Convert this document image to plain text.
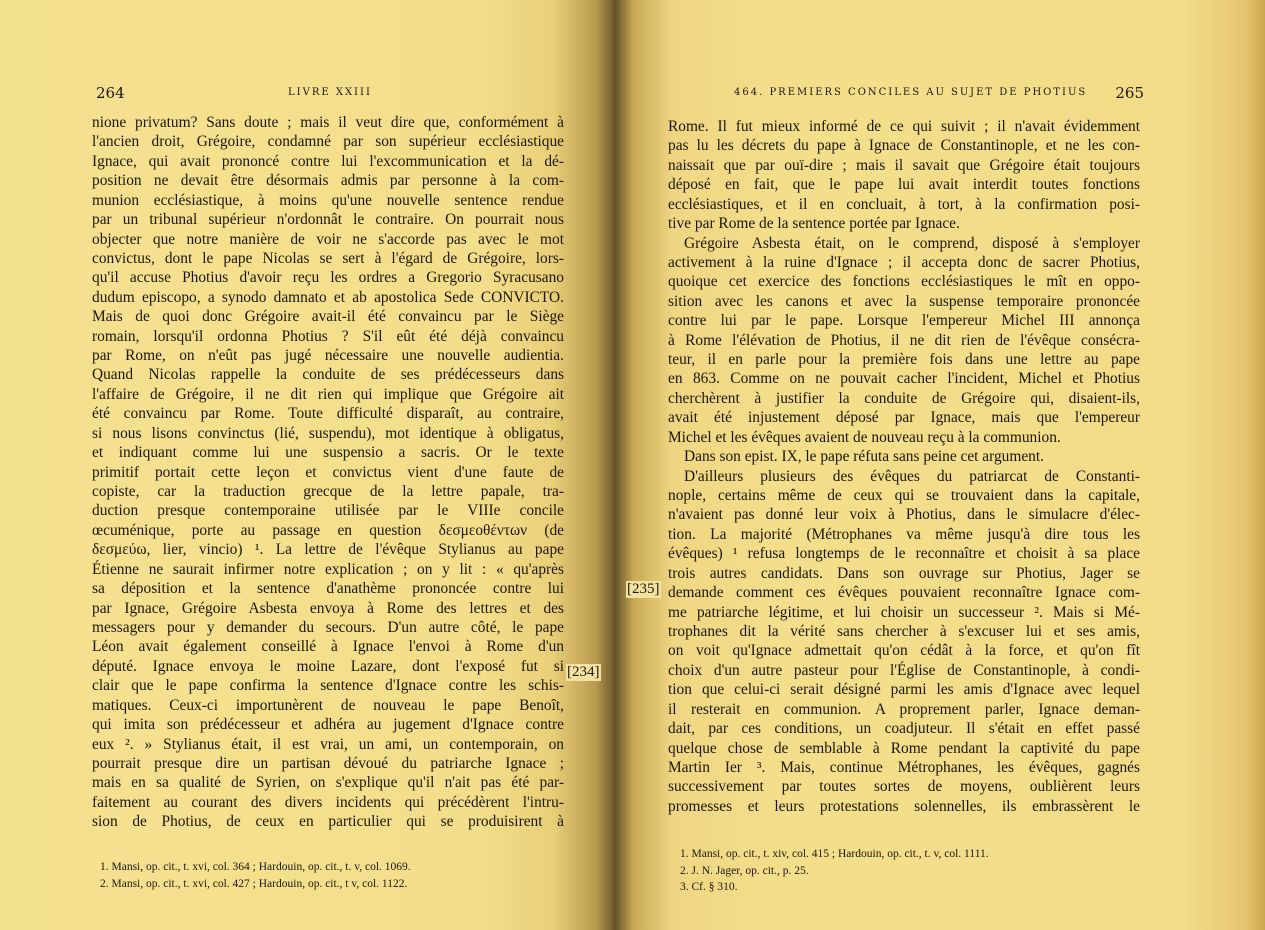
264	LIVRE XXIII
nione privatum? Sans doute ; mais il veut dire que, conformément à
l'ancien droit, Grégoire, condamné par son supérieur ecclésiastique
Ignace, qui avait prononcé contre lui l'excommunication et la dé-
position ne devait être désormais admis par personne à la com-
munion ecclésiastique, à moins qu'une nouvelle sentence rendue
par un tribunal supérieur n'ordonnât le contraire. On pourrait nous
objecter que notre manière de voir ne s'accorde pas avec le mot
convictus, dont le pape Nicolas se sert à l'égard de Grégoire, lors-
qu'il accuse Photius d'avoir reçu les ordres a Gregorio Syracusano
dudum episcopo, a synodo damnato et ab apostolica Sede CONVICTO.
Mais de quoi donc Grégoire avait-il été convaincu par le Siège
romain, lorsqu'il ordonna Photius ? S'il eût été déjà convaincu
par Rome, on n'eût pas jugé nécessaire une nouvelle audientia.
Quand Nicolas rappelle la conduite de ses prédécesseurs dans
l'affaire de Grégoire, il ne dit rien qui implique que Grégoire ait
été convaincu par Rome. Toute difficulté disparaît, au contraire,
si nous lisons convinctus (lié, suspendu), mot identique à obligatus,
et indiquant comme lui une suspensio a sacris. Or le texte
primitif portait cette leçon et convictus vient d'une faute de
copiste, car la traduction grecque de la lettre papale, tra-
duction presque contemporaine utilisée par le VIIIe concile
œcuménique, porte au passage en question δεσμεοθέντων (de
δεσμεύω, lier, vincio) ¹. La lettre de l'évêque Stylianus au pape
Étienne ne saurait infirmer notre explication ; on y lit : « qu'après
sa déposition et la sentence d'anathème prononcée contre lui
par Ignace, Grégoire Asbesta envoya à Rome des lettres et des
messagers pour y demander du secours. D'un autre côté, le pape
Léon avait également conseillé à Ignace l'envoi à Rome d'un
député. Ignace envoya le moine Lazare, dont l'exposé fut si
clair que le pape confirma la sentence d'Ignace contre les schis-
matiques. Ceux-ci importunèrent de nouveau le pape Benoît,
qui imita son prédécesseur et adhéra au jugement d'Ignace contre
eux ². » Stylianus était, il est vrai, un ami, un contemporain, on
pourrait presque dire un partisan dévoué du patriarche Ignace ;
mais en sa qualité de Syrien, on s'explique qu'il n'ait pas été par-
faitement au courant des divers incidents qui précédèrent l'intru-
sion de Photius, de ceux en particulier qui se produisirent à
1. Mansi, op. cit., t. xvi, col. 364 ; Hardouin, op. cit., t. v, col. 1069.
2. Mansi, op. cit., t. xvi, col. 427 ; Hardouin, op. cit., t v, col. 1122.
464. PREMIERS CONCILES AU SUJET DE PHOTIUS 265
Rome. Il fut mieux informé de ce qui suivit ; il n'avait évidemment
pas lu les décrets du pape à Ignace de Constantinople, et ne les con-
naissait que par ouï-dire ; mais il savait que Grégoire était toujours
déposé en fait, que le pape lui avait interdit toutes fonctions
ecclésiastiques, et il en concluait, à tort, à la confirmation posi-
tive par Rome de la sentence portée par Ignace.
Grégoire Asbesta était, on le comprend, disposé à s'employer
activement à la ruine d'Ignace ; il accepta donc de sacrer Photius,
quoique cet exercice des fonctions ecclésiastiques le mît en oppo-
sition avec les canons et avec la suspense temporaire prononcée
contre lui par le pape. Lorsque l'empereur Michel III annonça
à Rome l'élévation de Photius, il ne dit rien de l'évêque consécra-
teur, il en parle pour la première fois dans une lettre au pape
en 863. Comme on ne pouvait cacher l'incident, Michel et Photius
cherchèrent à justifier la conduite de Grégoire qui, disaient-ils,
avait été injustement déposé par Ignace, mais que l'empereur
Michel et les évêques avaient de nouveau reçu à la communion.
Dans son epist. IX, le pape réfuta sans peine cet argument.
D'ailleurs plusieurs des évêques du patriarcat de Constanti-
nople, certains même de ceux qui se trouvaient dans la capitale,
n'avaient pas donné leur voix à Photius, dans le simulacre d'élec-
tion. La majorité (Métrophanes va même jusqu'à dire tous les
évêques) ¹ refusa longtemps de le reconnaître et choisit à sa place
trois autres candidats. Dans son ouvrage sur Photius, Jager se
demande comment ces évêques pouvaient reconnaître Ignace com-
me patriarche légitime, et lui choisir un successeur ². Mais si Mé-
trophanes dit la vérité sans chercher à s'excuser lui et ses amis,
on voit qu'Ignace admettait qu'on cédât à la force, et qu'on fît
choix d'un autre pasteur pour l'Église de Constantinople, à condi-
tion que celui-ci serait désigné parmi les amis d'Ignace avec lequel
il resterait en communion. A proprement parler, Ignace deman-
dait, par ces conditions, un coadjuteur. Il s'était en effet passé
quelque chose de semblable à Rome pendant la captivité du pape
Martin Ier ³. Mais, continue Métrophanes, les évêques, gagnés
successivement par toutes sortes de moyens, oublièrent leurs
promesses et leurs protestations solennelles, ils embrassèrent le
1. Mansi, op. cit., t. xiv, col. 415 ; Hardouin, op. cit., t. v, col. 1111.
2. J. N. Jager, op. cit., p. 25.
3. Cf. § 310.
[234]
[235]
